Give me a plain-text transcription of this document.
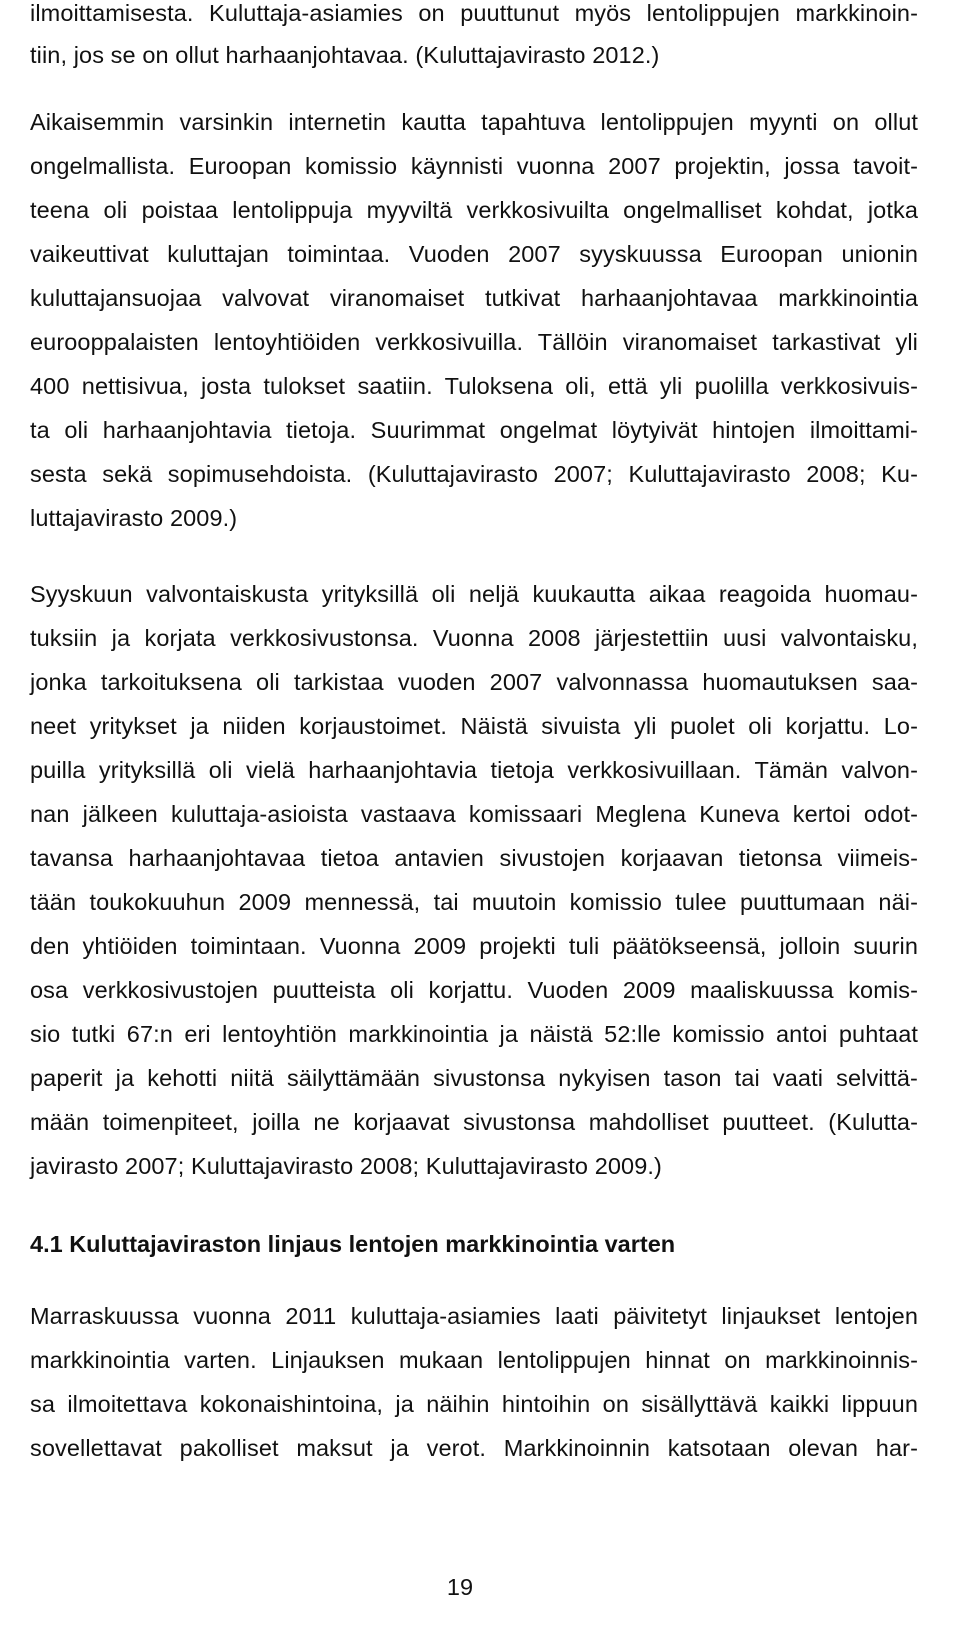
ilmoittamisesta. Kuluttaja-asiamies on puuttunut myös lentolippujen markkinoin-
tiin, jos se on ollut harhaanjohtavaa. (Kuluttajavirasto 2012.)
Aikaisemmin varsinkin internetin kautta tapahtuva lentolippujen myynti on ollut
ongelmallista. Euroopan komissio käynnisti vuonna 2007 projektin, jossa tavoit-
teena oli poistaa lentolippuja myyviltä verkkosivuilta ongelmalliset kohdat, jotka
vaikeuttivat kuluttajan toimintaa. Vuoden 2007 syyskuussa Euroopan unionin
kuluttajansuojaa valvovat viranomaiset tutkivat harhaanjohtavaa markkinointia
eurooppalaisten lentoyhtiöiden verkkosivuilla. Tällöin viranomaiset tarkastivat yli
400 nettisivua, josta tulokset saatiin. Tuloksena oli, että yli puolilla verkkosivuis-
ta oli harhaanjohtavia tietoja. Suurimmat ongelmat löytyivät hintojen ilmoittami-
sesta sekä sopimusehdoista. (Kuluttajavirasto 2007; Kuluttajavirasto 2008; Ku-
luttajavirasto 2009.)
Syyskuun valvontaiskusta yrityksillä oli neljä kuukautta aikaa reagoida huomau-
tuksiin ja korjata verkkosivustonsa. Vuonna 2008 järjestettiin uusi valvontaisku,
jonka tarkoituksena oli tarkistaa vuoden 2007 valvonnassa huomautuksen saa-
neet yritykset ja niiden korjaustoimet. Näistä sivuista yli puolet oli korjattu. Lo-
puilla yrityksillä oli vielä harhaanjohtavia tietoja verkkosivuillaan. Tämän valvon-
nan jälkeen kuluttaja-asioista vastaava komissaari Meglena Kuneva kertoi odot-
tavansa harhaanjohtavaa tietoa antavien sivustojen korjaavan tietonsa viimeis-
tään toukokuuhun 2009 mennessä, tai muutoin komissio tulee puuttumaan näi-
den yhtiöiden toimintaan. Vuonna 2009 projekti tuli päätökseensä, jolloin suurin
osa verkkosivustojen puutteista oli korjattu. Vuoden 2009 maaliskuussa komis-
sio tutki 67:n eri lentoyhtiön markkinointia ja näistä 52:lle komissio antoi puhtaat
paperit ja kehotti niitä säilyttämään sivustonsa nykyisen tason tai vaati selvittä-
mään toimenpiteet, joilla ne korjaavat sivustonsa mahdolliset puutteet. (Kulutta-
javirasto 2007; Kuluttajavirasto 2008; Kuluttajavirasto 2009.)
4.1 Kuluttajaviraston linjaus lentojen markkinointia varten
Marraskuussa vuonna 2011 kuluttaja-asiamies laati päivitetyt linjaukset lentojen
markkinointia varten. Linjauksen mukaan lentolippujen hinnat on markkinoinnis-
sa ilmoitettava kokonaishintoina, ja näihin hintoihin on sisällyttävä kaikki lippuun
sovellettavat pakolliset maksut ja verot. Markkinoinnin katsotaan olevan har-
19
